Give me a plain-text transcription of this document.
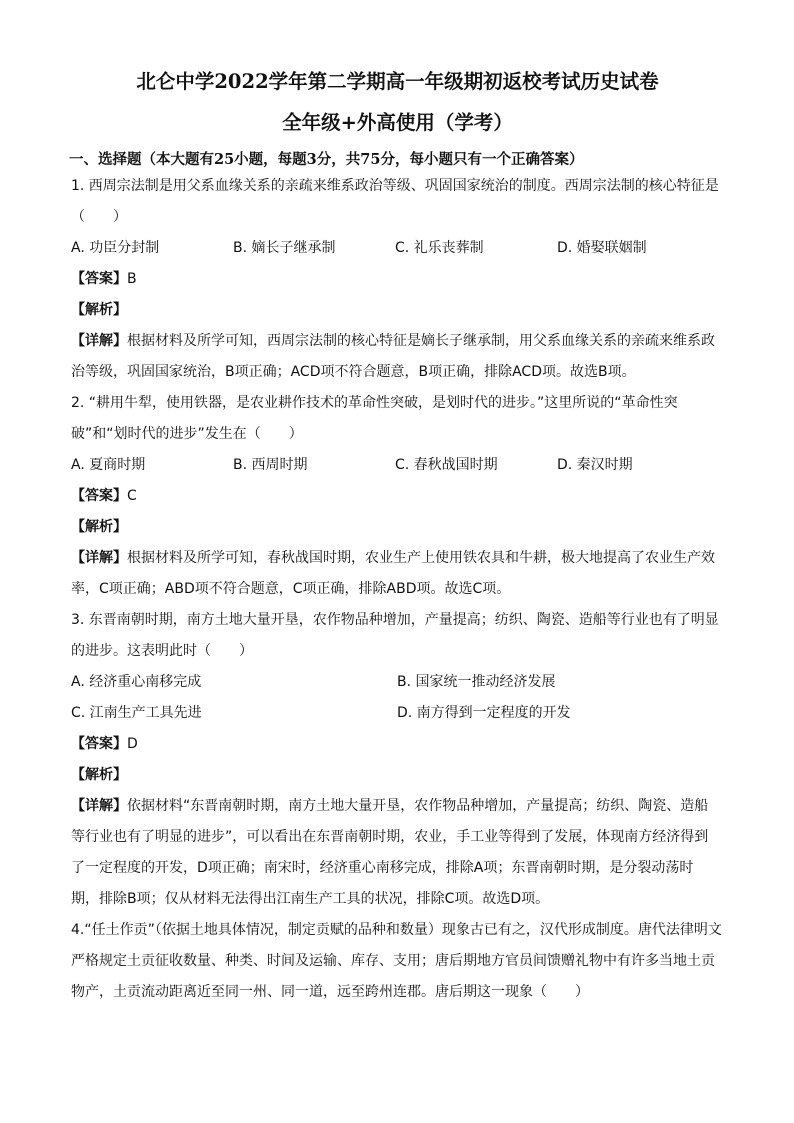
北仑中学2022学年第二学期高一年级期初返校考试历史试卷
全年级+外高使用（学考）
一、选择题（本大题有25小题，每题3分，共75分，每小题只有一个正确答案）
1. 西周宗法制是用父系血缘关系的亲疏来维系政治等级、巩固国家统治的制度。西周宗法制的核心特征是
（　　）
A. 功臣分封制	B. 嫡长子继承制	C. 礼乐丧葬制	D. 婚娶联姻制
【答案】B
【解析】
【详解】根据材料及所学可知，西周宗法制的核心特征是嫡长子继承制，用父系血缘关系的亲疏来维系政
治等级，巩固国家统治，B项正确；ACD项不符合题意，B项正确，排除ACD项。故选B项。
2. “耕用牛犁，使用铁器，是农业耕作技术的革命性突破，是划时代的进步。”这里所说的“革命性突
破”和“划时代的进步”发生在（　　）
A. 夏商时期	B. 西周时期	C. 春秋战国时期	D. 秦汉时期
【答案】C
【解析】
【详解】根据材料及所学可知，春秋战国时期，农业生产上使用铁农具和牛耕，极大地提高了农业生产效
率，C项正确；ABD项不符合题意，C项正确，排除ABD项。故选C项。
3. 东晋南朝时期，南方土地大量开垦，农作物品种增加，产量提高；纺织、陶瓷、造船等行业也有了明显
的进步。这表明此时（　　）
A. 经济重心南移完成	B. 国家统一推动经济发展
C. 江南生产工具先进	D. 南方得到一定程度的开发
【答案】D
【解析】
【详解】依据材料“东晋南朝时期，南方土地大量开垦，农作物品种增加，产量提高；纺织、陶瓷、造船
等行业也有了明显的进步”，可以看出在东晋南朝时期，农业，手工业等得到了发展，体现南方经济得到
了一定程度的开发，D项正确；南宋时，经济重心南移完成，排除A项；东晋南朝时期，是分裂动荡时
期，排除B项；仅从材料无法得出江南生产工具的状况，排除C项。故选D项。
4.“任土作贡”（依据土地具体情况，制定贡赋的品种和数量）现象古已有之，汉代形成制度。唐代法律明文
严格规定土贡征收数量、种类、时间及运输、库存、支用；唐后期地方官员间馈赠礼物中有许多当地土贡
物产，土贡流动距离近至同一州、同一道，远至跨州连郡。唐后期这一现象（　　）
